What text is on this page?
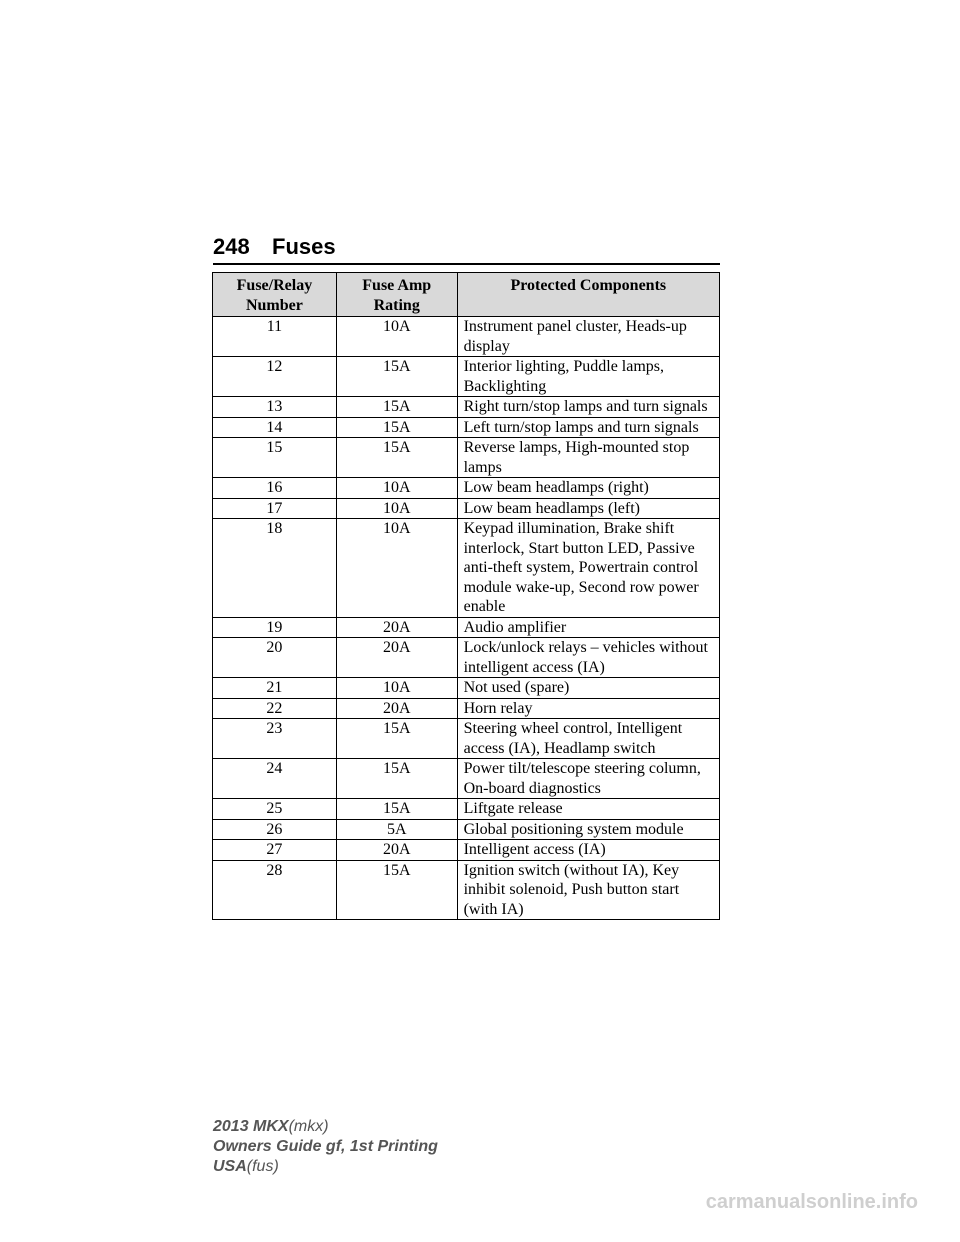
248 Fuses
Fuse/Relay Number	Fuse Amp Rating	Protected Components
11	10A	Instrument panel cluster, Heads-up display
12	15A	Interior lighting, Puddle lamps, Backlighting
13	15A	Right turn/stop lamps and turn signals
14	15A	Left turn/stop lamps and turn signals
15	15A	Reverse lamps, High-mounted stop lamps
16	10A	Low beam headlamps (right)
17	10A	Low beam headlamps (left)
18	10A	Keypad illumination, Brake shift interlock, Start button LED, Passive anti-theft system, Powertrain control module wake-up, Second row power enable
19	20A	Audio amplifier
20	20A	Lock/unlock relays – vehicles without intelligent access (IA)
21	10A	Not used (spare)
22	20A	Horn relay
23	15A	Steering wheel control, Intelligent access (IA), Headlamp switch
24	15A	Power tilt/telescope steering column, On-board diagnostics
25	15A	Liftgate release
26	5A	Global positioning system module
27	20A	Intelligent access (IA)
28	15A	Ignition switch (without IA), Key inhibit solenoid, Push button start (with IA)
2013 MKX(mkx)
Owners Guide gf, 1st Printing
USA(fus)
carmanualsonline.info
